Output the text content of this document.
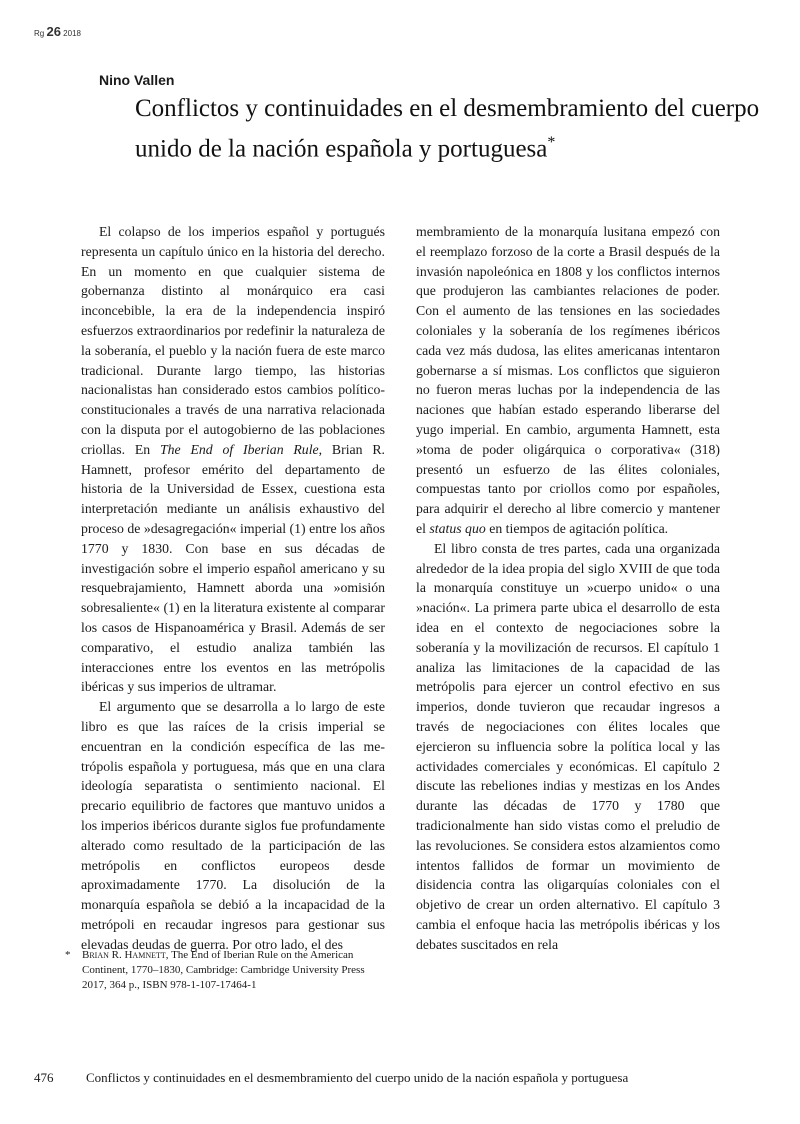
Rg 26 2018
Nino Vallen
Conflictos y continuidades en el desmembramiento del cuerpo unido de la nación española y portuguesa*

El colapso de los imperios español y portugués representa un capítulo único en la historia del derecho. En un momento en que cualquier sistema de gobernanza distinto al monárquico era casi inconcebible, la era de la independencia inspiró esfuerzos extraordinarios por redefinir la naturaleza de la soberanía, el pueblo y la nación fuera de este marco tradicional. Durante largo tiempo, las historias nacionalistas han considerado estos cambios político-constitucionales a través de una narrativa relacionada con la disputa por el autogobierno de las poblaciones criollas. En The End of Iberian Rule, Brian R. Hamnett, profesor emérito del departamento de historia de la Universidad de Essex, cuestiona esta interpretación mediante un análisis exhaustivo del proceso de »desagregación« imperial (1) entre los años 1770 y 1830. Con base en sus décadas de investigación sobre el imperio español americano y su resquebrajamiento, Hamnett aborda una »omisión sobresaliente« (1) en la literatura existente al comparar los casos de Hispanoamérica y Brasil. Además de ser comparativo, el estudio analiza también las interacciones entre los eventos en las metrópolis ibéricas y sus imperios de ultramar.

El argumento que se desarrolla a lo largo de este libro es que las raíces de la crisis imperial se encuentran en la condición específica de las metrópolis española y portuguesa, más que en una clara ideología separatista o sentimiento nacional. El precario equilibrio de factores que mantuvo unidos a los imperios ibéricos durante siglos fue profundamente alterado como resultado de la participación de las metrópolis en conflictos europeos desde aproximadamente 1770. La disolución de la monarquía española se debió a la incapacidad de la metrópoli en recaudar ingresos para gestionar sus elevadas deudas de guerra. Por otro lado, el des

membramiento de la monarquía lusitana empezó con el reemplazo forzoso de la corte a Brasil después de la invasión napoleónica en 1808 y los conflictos internos que produjeron las cambiantes relaciones de poder. Con el aumento de las tensiones en las sociedades coloniales y la soberanía de los regímenes ibéricos cada vez más dudosa, las elites americanas intentaron gobernarse a sí mismas. Los conflictos que siguieron no fueron meras luchas por la independencia de las naciones que habían estado esperando liberarse del yugo imperial. En cambio, argumenta Hamnett, esta »toma de poder oligárquica o corporativa« (318) presentó un esfuerzo de las élites coloniales, compuestas tanto por criollos como por españoles, para adquirir el derecho al libre comercio y mantener el status quo en tiempos de agitación política.

El libro consta de tres partes, cada una organizada alrededor de la idea propia del siglo XVIII de que toda la monarquía constituye un »cuerpo unido« o una »nación«. La primera parte ubica el desarrollo de esta idea en el contexto de negociaciones sobre la soberanía y la movilización de recursos. El capítulo 1 analiza las limitaciones de la capacidad de las metrópolis para ejercer un control efectivo en sus imperios, donde tuvieron que recaudar ingresos a través de negociaciones con élites locales que ejercieron su influencia sobre la política local y las actividades comerciales y económicas. El capítulo 2 discute las rebeliones indias y mestizas en los Andes durante las décadas de 1770 y 1780 que tradicionalmente han sido vistas como el preludio de las revoluciones. Se considera estos alzamientos como intentos fallidos de formar un movimiento de disidencia contra las oligarquías coloniales con el objetivo de crear un orden alternativo. El capítulo 3 cambia el enfoque hacia las metrópolis ibéricas y los debates suscitados en rela

* Brian R. Hamnett, The End of Iberian Rule on the American Continent, 1770–1830, Cambridge: Cambridge University Press 2017, 364 p., ISBN 978-1-107-17464-1
476	Conflictos y continuidades en el desmembramiento del cuerpo unido de la nación española y portuguesa
